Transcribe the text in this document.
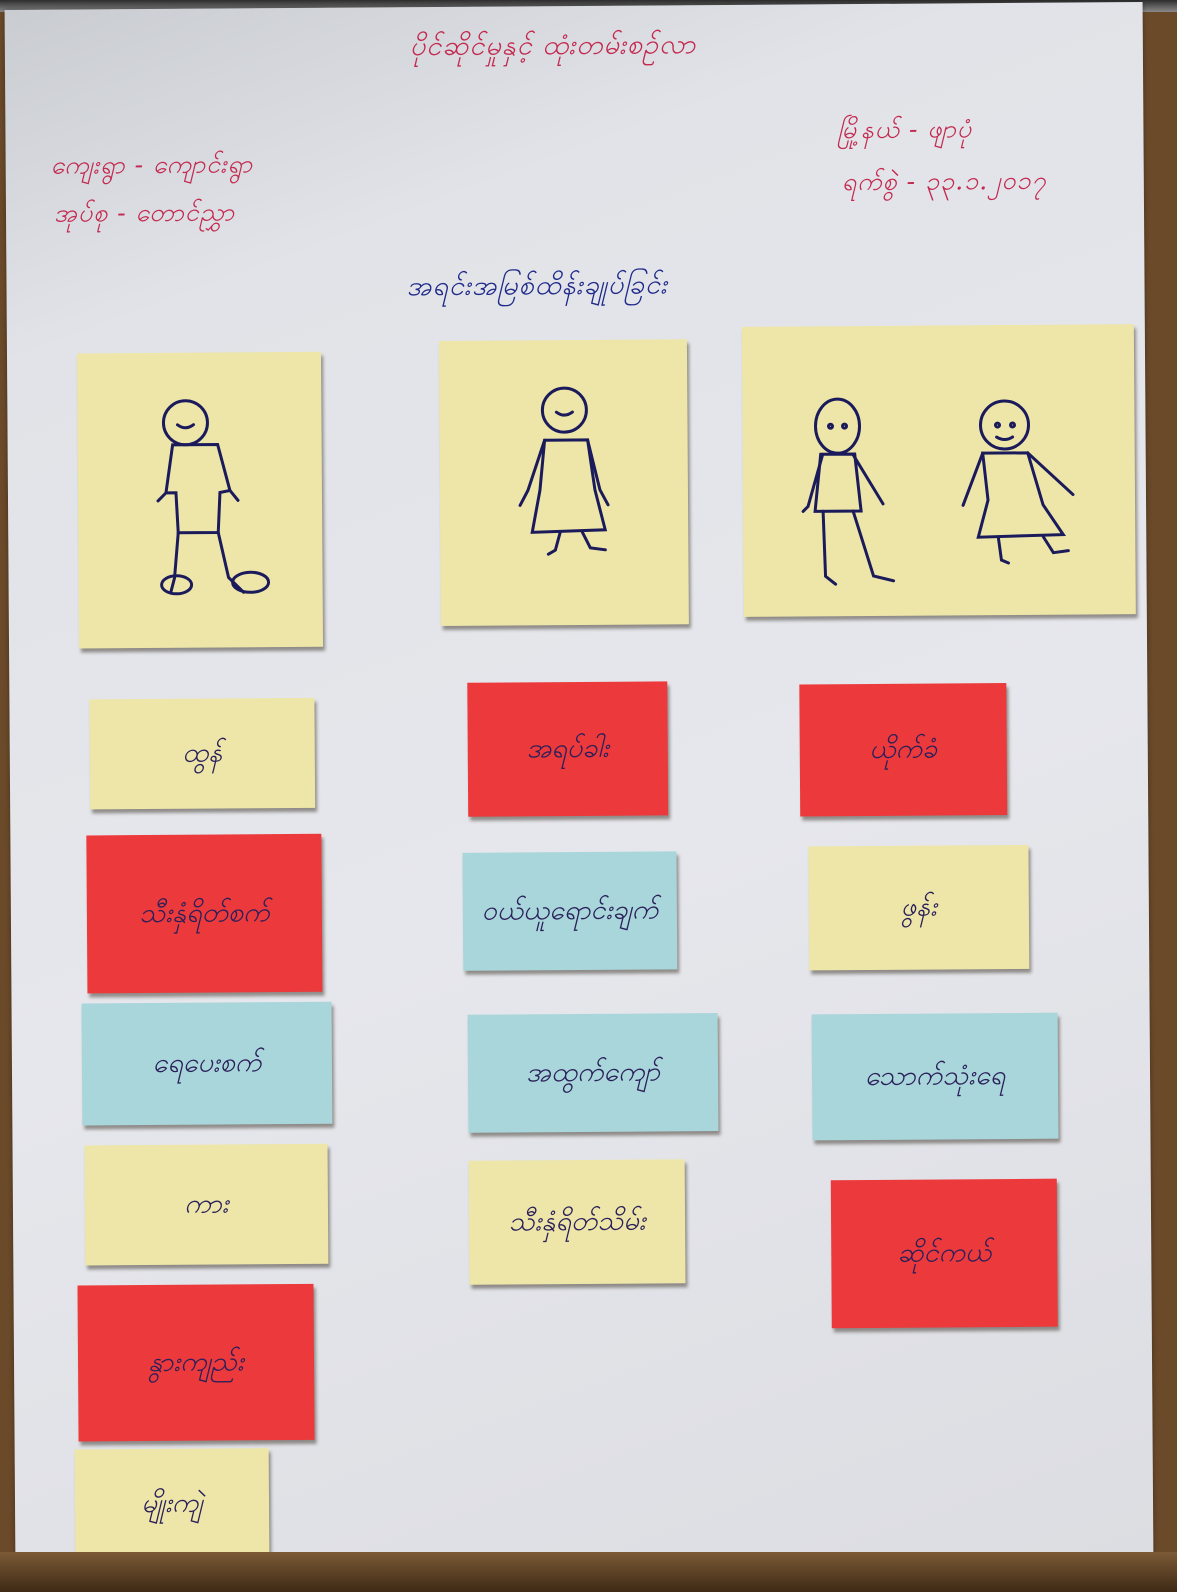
ပိုင်ဆိုင်မှုနှင့် ထုံးတမ်းစဉ်လာ
ကျေးရွာ - ကျောင်းရွာ
အုပ်စု - တောင်ညွှာ
မြို့နယ် - ဖျာပုံ
ရက်စွဲ - ၃၃.၁.၂၀၁၇
အရင်းအမြစ်ထိန်းချုပ်ခြင်း
ထွန်
သီးနှံရိတ်စက်
ရေပေးစက်
ကား
နွားကျည်း
မျိုးကျဲ
အရပ်ခါး
ဝယ်ယူရောင်းချက်
အထွက်ကျော်
သီးနှံရိတ်သိမ်း
ယိုက်ခံ
ဖွန်း
သောက်သုံးရေ
ဆိုင်ကယ်
